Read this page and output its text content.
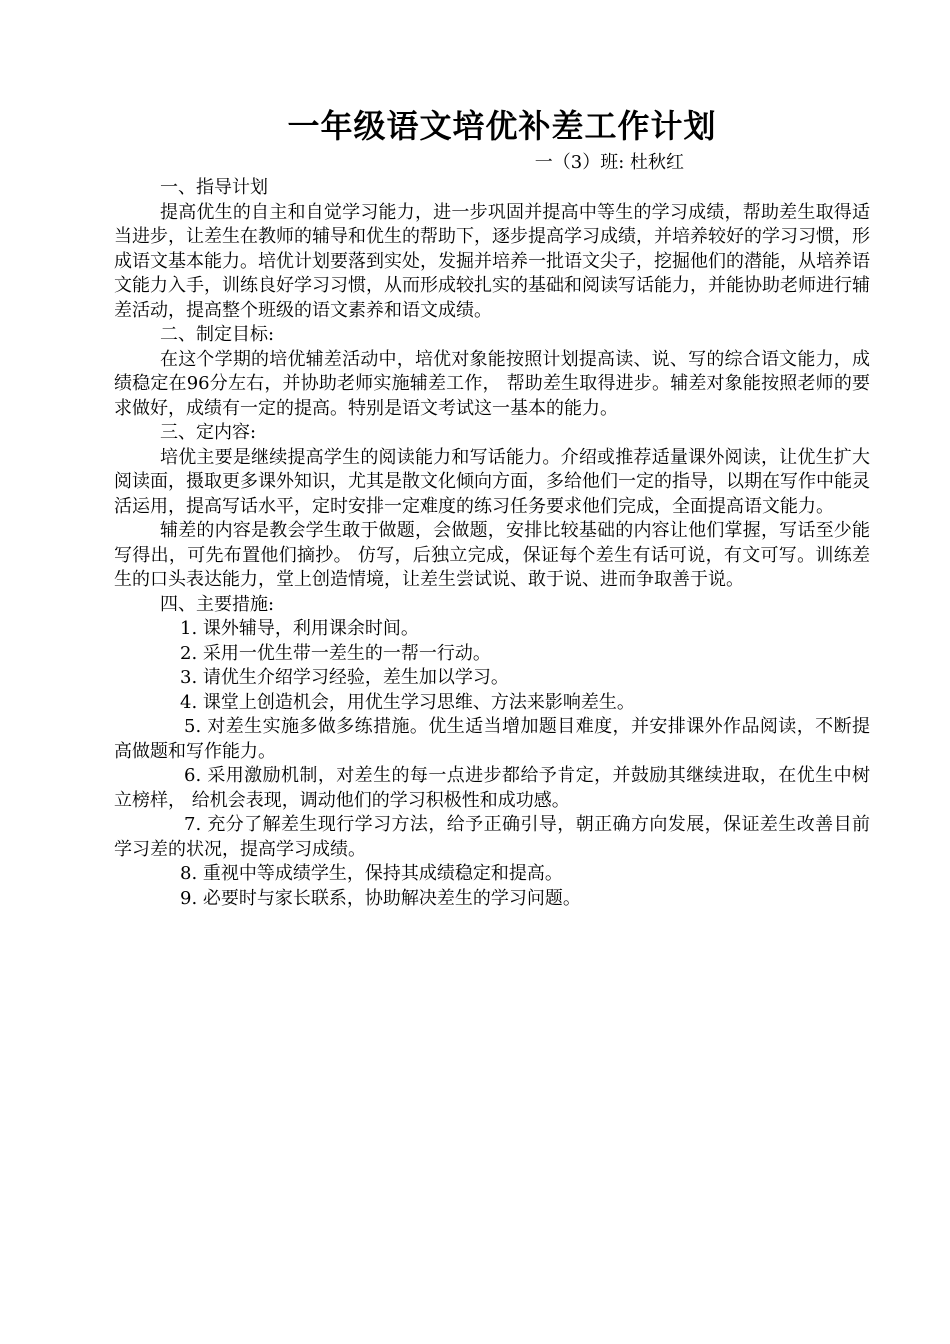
一年级语文培优补差工作计划
一（3）班: 杜秋红

一、指导计划

提高优生的自主和自觉学习能力，进一步巩固并提高中等生的学习成绩，帮助差生取得适当进步，让差生在教师的辅导和优生的帮助下，逐步提高学习成绩，并培养较好的学习习惯，形成语文基本能力。培优计划要落到实处，发掘并培养一批语文尖子，挖掘他们的潜能，从培养语文能力入手，训练良好学习习惯，从而形成较扎实的基础和阅读写话能力，并能协助老师进行辅差活动，提高整个班级的语文素养和语文成绩。

二、制定目标:

在这个学期的培优辅差活动中，培优对象能按照计划提高读、说、写的综合语文能力，成绩稳定在96分左右，并协助老师实施辅差工作， 帮助差生取得进步。辅差对象能按照老师的要求做好，成绩有一定的提高。特别是语文考试这一基本的能力。

三、定内容:

培优主要是继续提高学生的阅读能力和写话能力。介绍或推荐适量课外阅读，让优生扩大阅读面，摄取更多课外知识，尤其是散文化倾向方面，多给他们一定的指导，以期在写作中能灵活运用，提高写话水平，定时安排一定难度的练习任务要求他们完成，全面提高语文能力。

辅差的内容是教会学生敢于做题，会做题，安排比较基础的内容让他们掌握，写话至少能写得出，可先布置他们摘抄。 仿写，后独立完成，保证每个差生有话可说，有文可写。训练差生的口头表达能力，堂上创造情境，让差生尝试说、敢于说、进而争取善于说。

四、主要措施:

1. 课外辅导，利用课余时间。

2. 采用一优生带一差生的一帮一行动。

3. 请优生介绍学习经验，差生加以学习。

4. 课堂上创造机会，用优生学习思维、方法来影响差生。

5. 对差生实施多做多练措施。优生适当增加题目难度，并安排课外作品阅读，不断提高做题和写作能力。

6. 采用激励机制，对差生的每一点进步都给予肯定，并鼓励其继续进取，在优生中树立榜样， 给机会表现，调动他们的学习积极性和成功感。

7. 充分了解差生现行学习方法，给予正确引导，朝正确方向发展，保证差生改善目前学习差的状况，提高学习成绩。

8. 重视中等成绩学生，保持其成绩稳定和提高。

9. 必要时与家长联系，协助解决差生的学习问题。
